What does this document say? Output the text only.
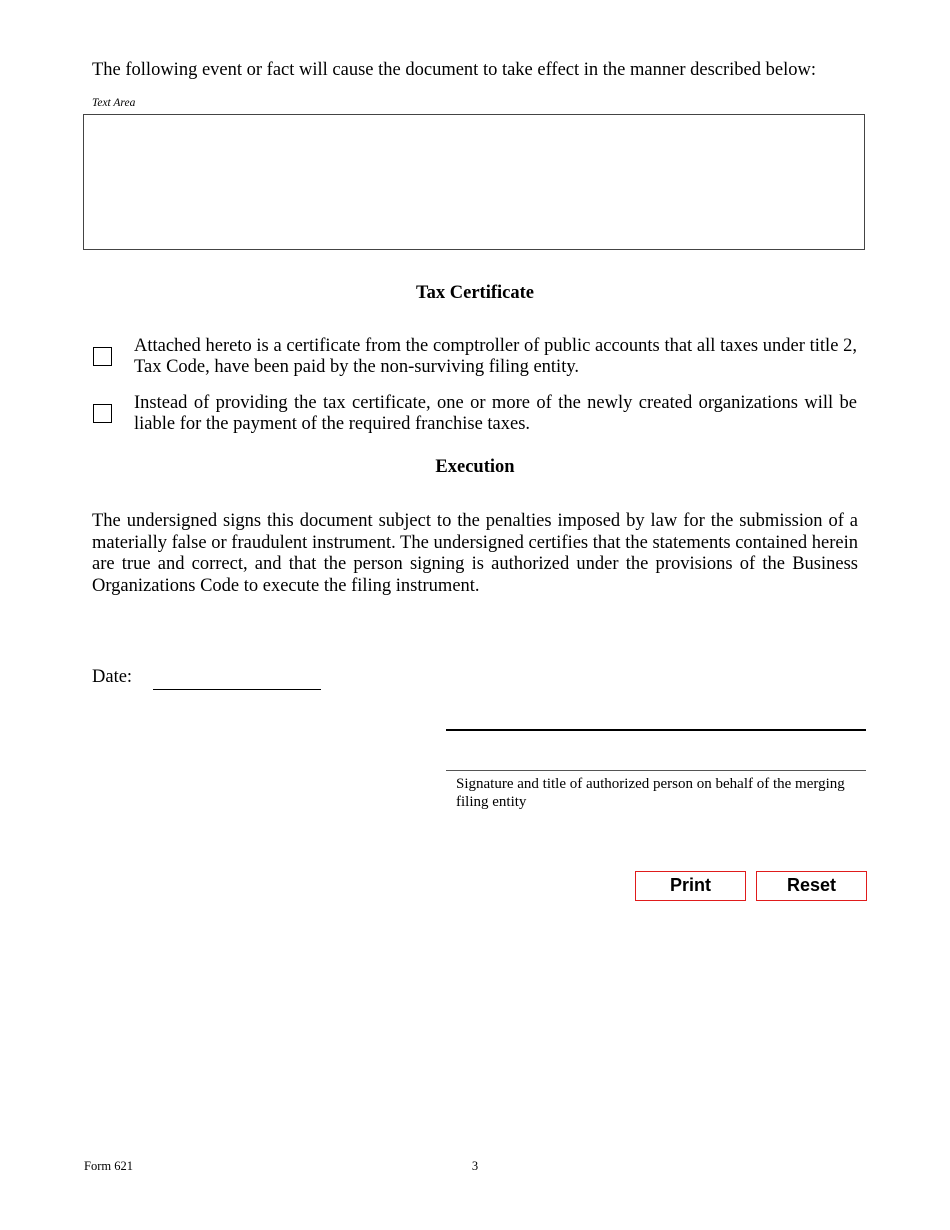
The following event or fact will cause the document to take effect in the manner described below:
Text Area
Tax Certificate
Attached hereto is a certificate from the comptroller of public accounts that all taxes under title 2, Tax Code, have been paid by the non-surviving filing entity.
Instead of providing the tax certificate, one or more of the newly created organizations will be liable for the payment of the required franchise taxes.
Execution
The undersigned signs this document subject to the penalties imposed by law for the submission of a materially false or fraudulent instrument. The undersigned certifies that the statements contained herein are true and correct, and that the person signing is authorized under the provisions of the Business Organizations Code to execute the filing instrument.
Date:
Signature and title of authorized person on behalf of the merging filing entity
Print	Reset
Form 621	3
